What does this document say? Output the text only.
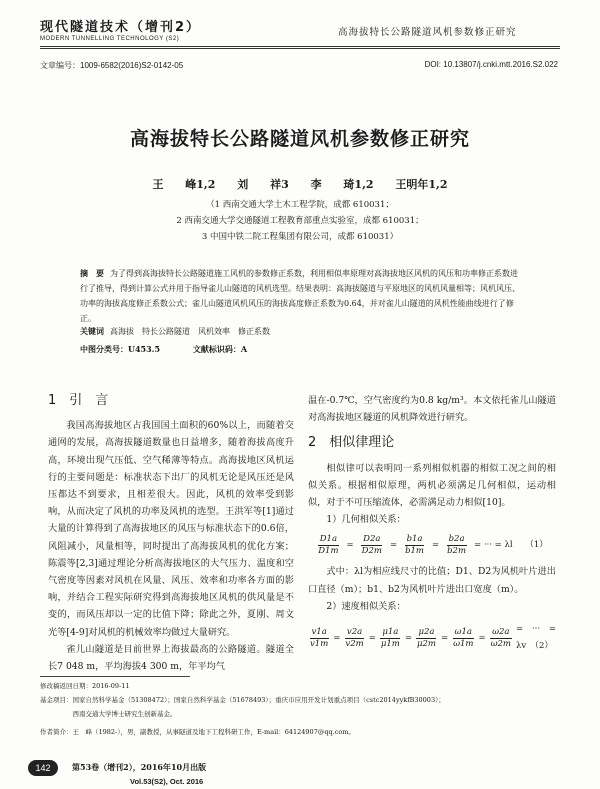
现代隧道技术（增刊2）
MODERN TUNNELLING TECHNOLOGY (S2)
高海拔特长公路隧道风机参数修正研究
文章编号：1009-6582(2016)S2-0142-05	DOI: 10.13807/j.cnki.mtt.2016.S2.022
高海拔特长公路隧道风机参数修正研究
王 峰1,2 刘 祥3 李 琦1,2 王明年1,2
（1 西南交通大学土木工程学院，成都 610031；
2 西南交通大学交通隧道工程教育部重点实验室，成都 610031；
3 中国中铁二院工程集团有限公司，成都 610031）
摘　要 为了得到高海拔特长公路隧道施工风机的参数修正系数，利用相似率原理对高海拔地区风机的风压和功率修正系数进行了推导，得到计算公式并用于指导雀儿山隧道的风机选型。结果表明：高海拔隧道与平原地区的风机风量相等；风机风压、功率的海拔高度修正系数公式；雀儿山隧道风机风压的海拔高度修正系数为0.64，并对雀儿山隧道的风机性能曲线进行了修正。
关键词 高海拔　特长公路隧道　风机效率　修正系数
中图分类号：U453.5	文献标识码：A
1　引　言

我国高海拔地区占我国国土面积的60%以上，而随着交通网的发展，高海拔隧道数量也日益增多，随着海拔高度升高，环境出现气压低、空气稀薄等特点。高海拔地区风机运行的主要问题是：标准状态下出厂的风机无论是风压还是风压都达不到要求，且相差很大。因此，风机的效率受到影响，从而决定了风机的功率及风机的选型。王洪军等[1]通过大量的计算得到了高海拔地区的风压与标准状态下的0.6倍，风阻减小，风量相等，同时提出了高海拔风机的优化方案；陈震等[2,3]通过理论分析高海拔地区的大气压力、温度和空气密度等因素对风机在风量、风压、效率和功率各方面的影响，并结合工程实际研究得到高海拔地区风机的供风量是不变的，而风压却以一定的比值下降；除此之外，夏刚、周文光等[4-9]对风机的机械效率均做过大量研究。

雀儿山隧道是目前世界上海拔最高的公路隧道。隧道全长7 048 m，平均海拔4 300 m，年平均气

温在-0.7℃，空气密度约为0.8 kg/m³。本文依托雀儿山隧道对高海拔地区隧道的风机降效进行研究。

2　相似律理论

相似律可以表明同一系列相似机器的相似工况之间的相似关系。根据相似原理，两机必须满足几何相似，运动相似，对于不可压缩流体，必需满足动力相似[10]。

1）几何相似关系：

$\frac{D1a}{D1m} = \frac{D2a}{D2m} = \frac{b1a}{b1m} = \frac{b2a}{b2m}$ = ··· = λl　　（1）

式中：λl为相应线尺寸的比值；D1、D2为风机叶片进出口直径（m）；b1、b2为风机叶片进出口宽度（m）。

2）速度相似关系：

$\frac{v1a}{v1m} = \frac{v2a}{v2m} = \frac{\mu 1a}{\mu 1m} = \frac{\mu 2a}{\mu 2m} = \frac{\omega 1a}{\omega 1m} = \frac{\omega 2a}{\omega 2m}$ = ··· = λv　（2）
修改稿返回日期：2016-09-11
基金项目：国家自然科学基金（51308472）；国家自然科学基金（51678493）；重庆市应用开发计划重点项目（cstc2014yykfB30003）；
　　　　　西南交通大学博士研究生创新基金。
作者简介：王　峰（1982-），男，副教授，从事隧道及地下工程科研工作，E-mail：64124907@qq.com。
142	第53卷（增刊2），2016年10月出版
Vol.53(S2), Oct. 2016
